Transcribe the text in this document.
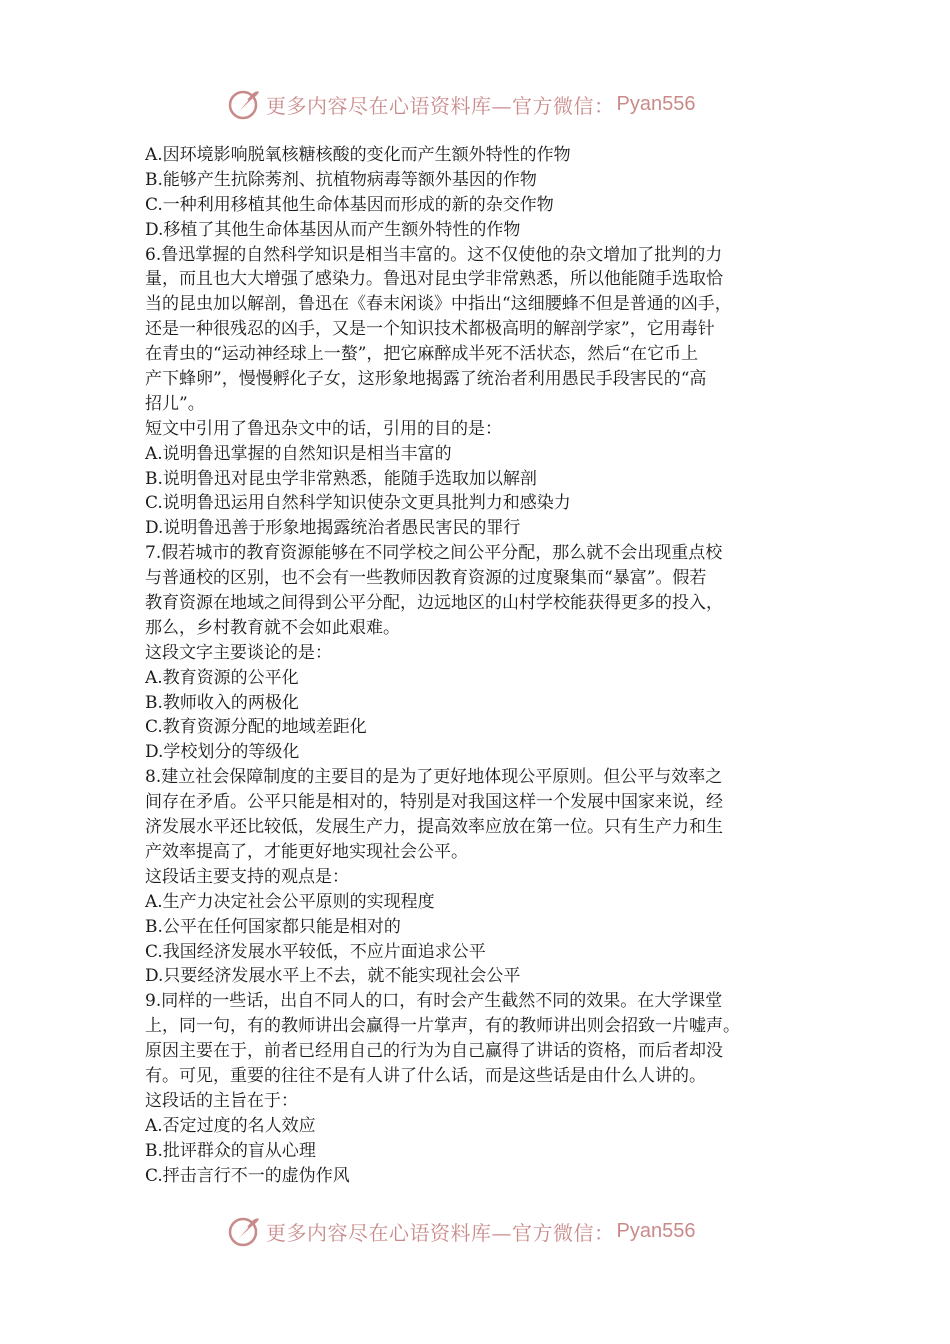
更多内容尽在心语资料库—官方微信： Pyan556
A.因环境影响脱氧核糖核酸的变化而产生额外特性的作物
B.能够产生抗除莠剂、抗植物病毒等额外基因的作物
C.一种利用移植其他生命体基因而形成的新的杂交作物
D.移植了其他生命体基因从而产生额外特性的作物
6.鲁迅掌握的自然科学知识是相当丰富的。这不仅使他的杂文增加了批判的力
量，而且也大大增强了感染力。鲁迅对昆虫学非常熟悉，所以他能随手选取恰
当的昆虫加以解剖，鲁迅在《春末闲谈》中指出“这细腰蜂不但是普通的凶手，
还是一种很残忍的凶手，又是一个知识技术都极高明的解剖学家”，它用毒针
在青虫的“运动神经球上一螯”，把它麻醉成半死不活状态，然后“在它币上
产下蜂卵”，慢慢孵化子女，这形象地揭露了统治者利用愚民手段害民的“高
招儿”。
短文中引用了鲁迅杂文中的话，引用的目的是：
A.说明鲁迅掌握的自然知识是相当丰富的
B.说明鲁迅对昆虫学非常熟悉，能随手选取加以解剖
C.说明鲁迅运用自然科学知识使杂文更具批判力和感染力
D.说明鲁迅善于形象地揭露统治者愚民害民的罪行
7.假若城市的教育资源能够在不同学校之间公平分配，那么就不会出现重点校
与普通校的区别，也不会有一些教师因教育资源的过度聚集而“暴富”。假若
教育资源在地域之间得到公平分配，边远地区的山村学校能获得更多的投入，
那么，乡村教育就不会如此艰难。
这段文字主要谈论的是：
A.教育资源的公平化
B.教师收入的两极化
C.教育资源分配的地域差距化
D.学校划分的等级化
8.建立社会保障制度的主要目的是为了更好地体现公平原则。但公平与效率之
间存在矛盾。公平只能是相对的，特别是对我国这样一个发展中国家来说，经
济发展水平还比较低，发展生产力，提高效率应放在第一位。只有生产力和生
产效率提高了，才能更好地实现社会公平。
这段话主要支持的观点是：
A.生产力决定社会公平原则的实现程度
B.公平在任何国家都只能是相对的
C.我国经济发展水平较低，不应片面追求公平
D.只要经济发展水平上不去，就不能实现社会公平
9.同样的一些话，出自不同人的口，有时会产生截然不同的效果。在大学课堂
上，同一句，有的教师讲出会赢得一片掌声，有的教师讲出则会招致一片嘘声。
原因主要在于，前者已经用自己的行为为自己赢得了讲话的资格，而后者却没
有。可见，重要的往往不是有人讲了什么话，而是这些话是由什么人讲的。
这段话的主旨在于：
A.否定过度的名人效应
B.批评群众的盲从心理
C.抨击言行不一的虚伪作风
更多内容尽在心语资料库—官方微信： Pyan556
